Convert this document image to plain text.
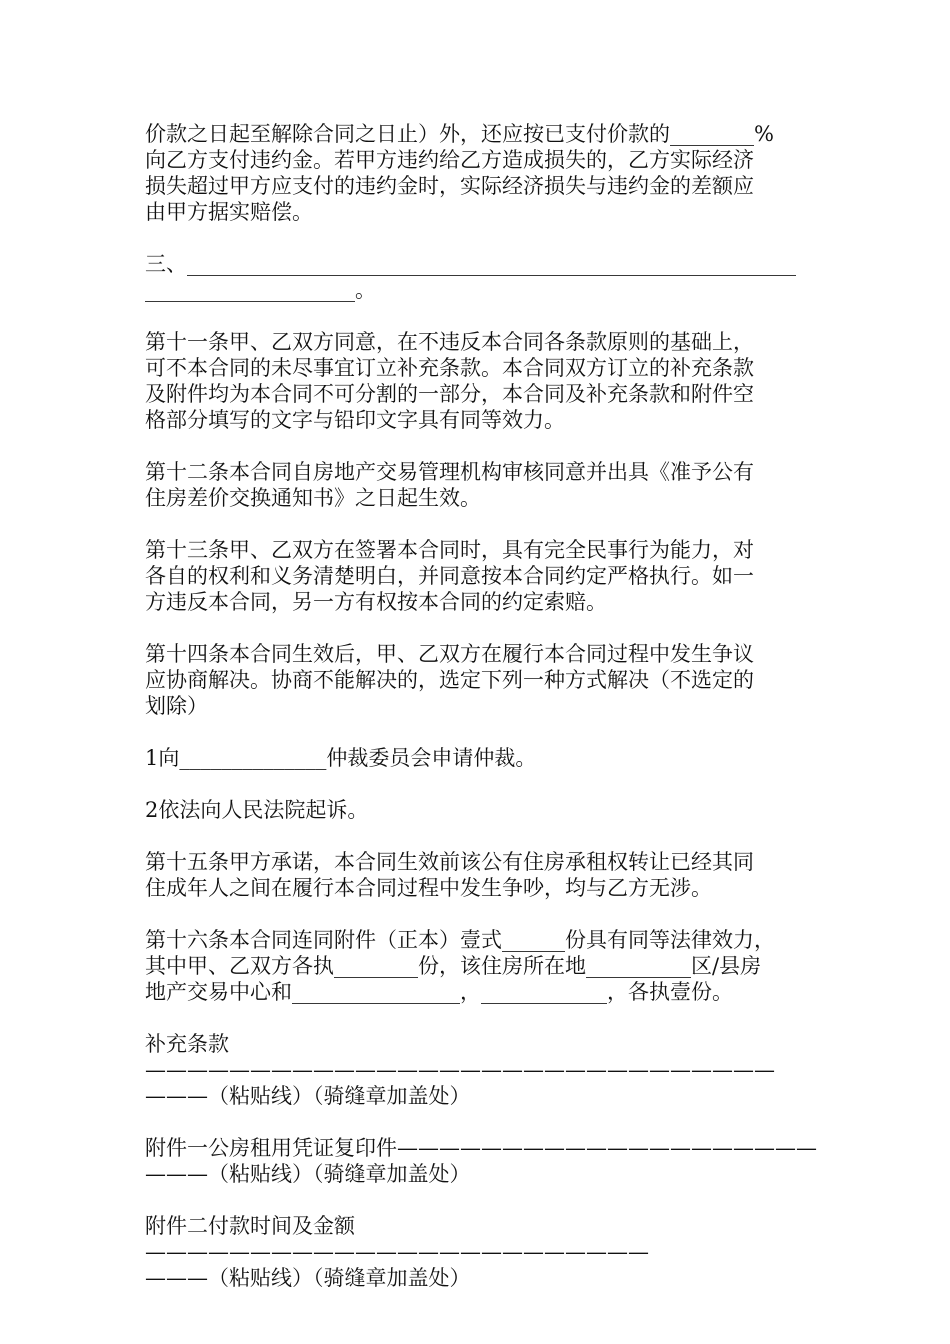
价款之日起至解除合同之日止）外，还应按已支付价款的________%
向乙方支付违约金。若甲方违约给乙方造成损失的，乙方实际经济
损失超过甲方应支付的违约金时，实际经济损失与违约金的差额应
由甲方据实赔偿。

三、__________________________________________________________
____________________。

第十一条甲、乙双方同意，在不违反本合同各条款原则的基础上，
可不本合同的未尽事宜订立补充条款。本合同双方订立的补充条款
及附件均为本合同不可分割的一部分，本合同及补充条款和附件空
格部分填写的文字与铅印文字具有同等效力。

第十二条本合同自房地产交易管理机构审核同意并出具《准予公有
住房差价交换通知书》之日起生效。

第十三条甲、乙双方在签署本合同时，具有完全民事行为能力，对
各自的权利和义务清楚明白，并同意按本合同约定严格执行。如一
方违反本合同，另一方有权按本合同的约定索赔。

第十四条本合同生效后，甲、乙双方在履行本合同过程中发生争议
应协商解决。协商不能解决的，选定下列一种方式解决（不选定的
划除）

1向______________仲裁委员会申请仲裁。

2依法向人民法院起诉。

第十五条甲方承诺，本合同生效前该公有住房承租权转让已经其同
住成年人之间在履行本合同过程中发生争吵，均与乙方无涉。

第十六条本合同连同附件（正本）壹式______份具有同等法律效力，
其中甲、乙双方各执________份，该住房所在地__________区/县房
地产交易中心和________________，____________，各执壹份。

补充条款——————————————————————————————
———（粘贴线）（骑缝章加盖处）

附件一公房租用凭证复印件————————————————————
———（粘贴线）（骑缝章加盖处）

附件二付款时间及金额————————————————————————
———（粘贴线）（骑缝章加盖处）
